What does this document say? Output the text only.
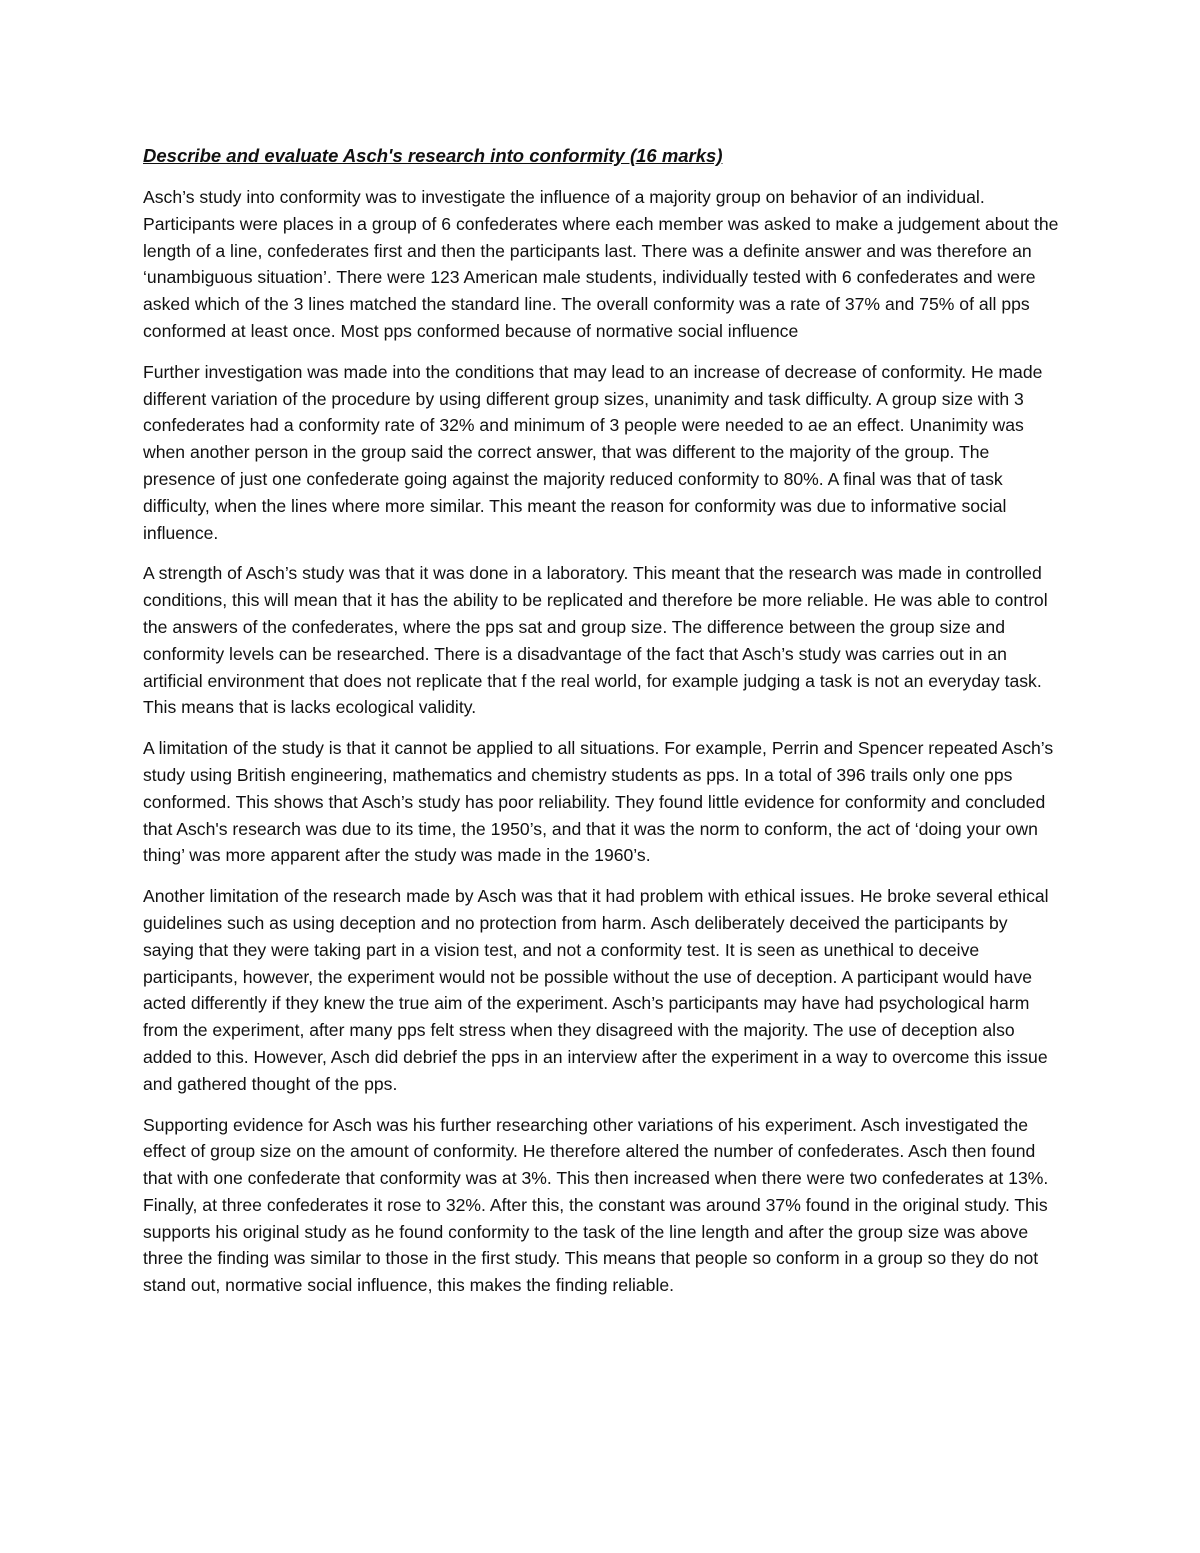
Describe and evaluate Asch's research into conformity (16 marks)

Asch’s study into conformity was to investigate the influence of a majority group on behavior of an individual. Participants were places in a group of 6 confederates where each member was asked to make a judgement about the length of a line, confederates first and then the participants last. There was a definite answer and was therefore an ‘unambiguous situation’. There were 123 American male students, individually tested with 6 confederates and were asked which of the 3 lines matched the standard line. The overall conformity was a rate of 37% and 75% of all pps conformed at least once. Most pps conformed because of normative social influence

Further investigation was made into the conditions that may lead to an increase of decrease of conformity. He made different variation of the procedure by using different group sizes, unanimity and task difficulty. A group size with 3 confederates had a conformity rate of 32% and minimum of 3 people were needed to ae an effect. Unanimity was when another person in the group said the correct answer, that was different to the majority of the group. The presence of just one confederate going against the majority reduced conformity to 80%. A final was that of task difficulty, when the lines where more similar. This meant the reason for conformity was due to informative social influence.

A strength of Asch’s study was that it was done in a laboratory. This meant that the research was made in controlled conditions, this will mean that it has the ability to be replicated and therefore be more reliable. He was able to control the answers of the confederates, where the pps sat and group size. The difference between the group size and conformity levels can be researched. There is a disadvantage of the fact that Asch’s study was carries out in an artificial environment that does not replicate that f the real world, for example judging a task is not an everyday task. This means that is lacks ecological validity.

A limitation of the study is that it cannot be applied to all situations. For example, Perrin and Spencer repeated Asch’s study using British engineering, mathematics and chemistry students as pps. In a total of 396 trails only one pps conformed. This shows that Asch’s study has poor reliability. They found little evidence for conformity and concluded that Asch's research was due to its time, the 1950’s, and that it was the norm to conform, the act of ‘doing your own thing’ was more apparent after the study was made in the 1960’s.

Another limitation of the research made by Asch was that it had problem with ethical issues. He broke several ethical guidelines such as using deception and no protection from harm. Asch deliberately deceived the participants by saying that they were taking part in a vision test, and not a conformity test. It is seen as unethical to deceive participants, however, the experiment would not be possible without the use of deception. A participant would have acted differently if they knew the true aim of the experiment. Asch’s participants may have had psychological harm from the experiment, after many pps felt stress when they disagreed with the majority. The use of deception also added to this. However, Asch did debrief the pps in an interview after the experiment in a way to overcome this issue and gathered thought of the pps.

Supporting evidence for Asch was his further researching other variations of his experiment. Asch investigated the effect of group size on the amount of conformity. He therefore altered the number of confederates. Asch then found that with one confederate that conformity was at 3%. This then increased when there were two confederates at 13%. Finally, at three confederates it rose to 32%. After this, the constant was around 37% found in the original study. This supports his original study as he found conformity to the task of the line length and after the group size was above three the finding was similar to those in the first study. This means that people so conform in a group so they do not stand out, normative social influence, this makes the finding reliable.
